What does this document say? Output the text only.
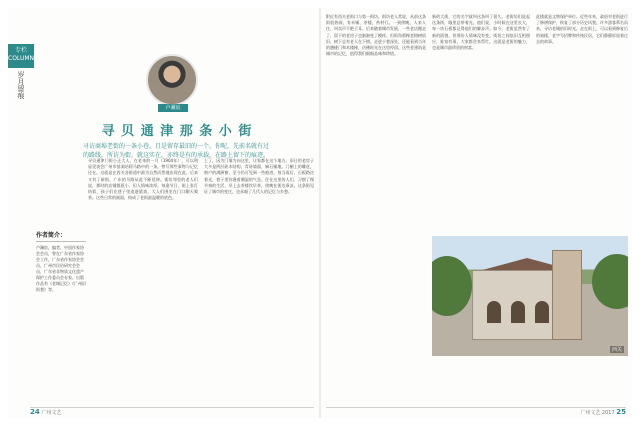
专栏
COLUMN
岁月留痕
卢澜宸
寻 贝 通 津 那 条 小 街
寻访商埠老街的一条小巷，且是留存最旧的一个。你呢，先前名就有过的路线，所访为街，就这实在，亦终是有的承载，在路上留下的痕迹。
作者简介：
卢澜宸，编者，中国作家协会会员，曾在广东省作家协会工作，广东省作家协会会员，广州市民俗研究会会员，广东省非物质文化遗产保护工作委员会专家。出版作品有《老城记忆》《广州旧街巷》等。
寻贝通津门街小正大人，在老来的一月（1904年），可以明显见表会广州市基洞站阿马路中的一条，曾写那些事物与记忆还在。这就是在西关各街道中最为自然而然地出现在此。后来又有了新街，广东的马路从此不断延伸。街坊邻里的老人们说，那时的店铺都很小，但人情味浓厚。每逢节日，街上张灯结彩，孩子们在巷子里追逐嬉戏，大人们围坐在门口聊天喝茶。这些日常的画面，构成了老街最温暖的底色。
上了，因为门墙为向这里，让家都在这个地方。旧日的老房子大多是两层砖木结构，青砖墙面，麻石铺地。门楣上的雕花，窗户的满洲窗，至今仍可见到一些痕迹。每当雨后，石板路泛着光，巷子里弥漫着潮湿的气息。住在这里的人们，习惯了慢节奏的生活，早上去茶楼饮早茶，傍晚在街边乘凉。这条街见证了城市的变迁，也承载了几代人的记忆与乡愁。
24 广州文艺
附近有西关老街口与第一街坊。街坊老人常说，从前这条街很热闹，有米铺、茶楼、药材行。一到傍晚，人来人往，叫卖声不绝于耳。后来随着城市发展，一些老店搬走了，留下的老房子也渐渐变了模样。但街角那棵老榕树依旧，树下总有老人在下棋。走进小巷深处，还能看到当年的趟栊门和木楼梯，仿佛时光在这里停留。这些老建筑是城市的记忆，值得我们细细品味和珍惜。
新的大街，它的名字就叫这条叫了很久。老街坊们说起这条街，眼里总带着光。他们说，小时候在这里长大，每一块石板都记得他们的脚步声。如今，老街虽然有了新的面貌，但那份人情味没有变。街坊之间依旧互相照应，谁家有事，大家都会来帮忙。这就是老街的魅力，也是城市最珍贵的财富。
此楼就是文物保护单位。近些年来，政府对老街进行了修缮保护，恢复了部分历史风貌。许多游客慕名而来，寻访老城的旧时光。走在街上，可以看到修复后的骑楼、老字号招牌和传统民居，它们静静诉说着过去的故事。
西关
广州文艺 2017 25
